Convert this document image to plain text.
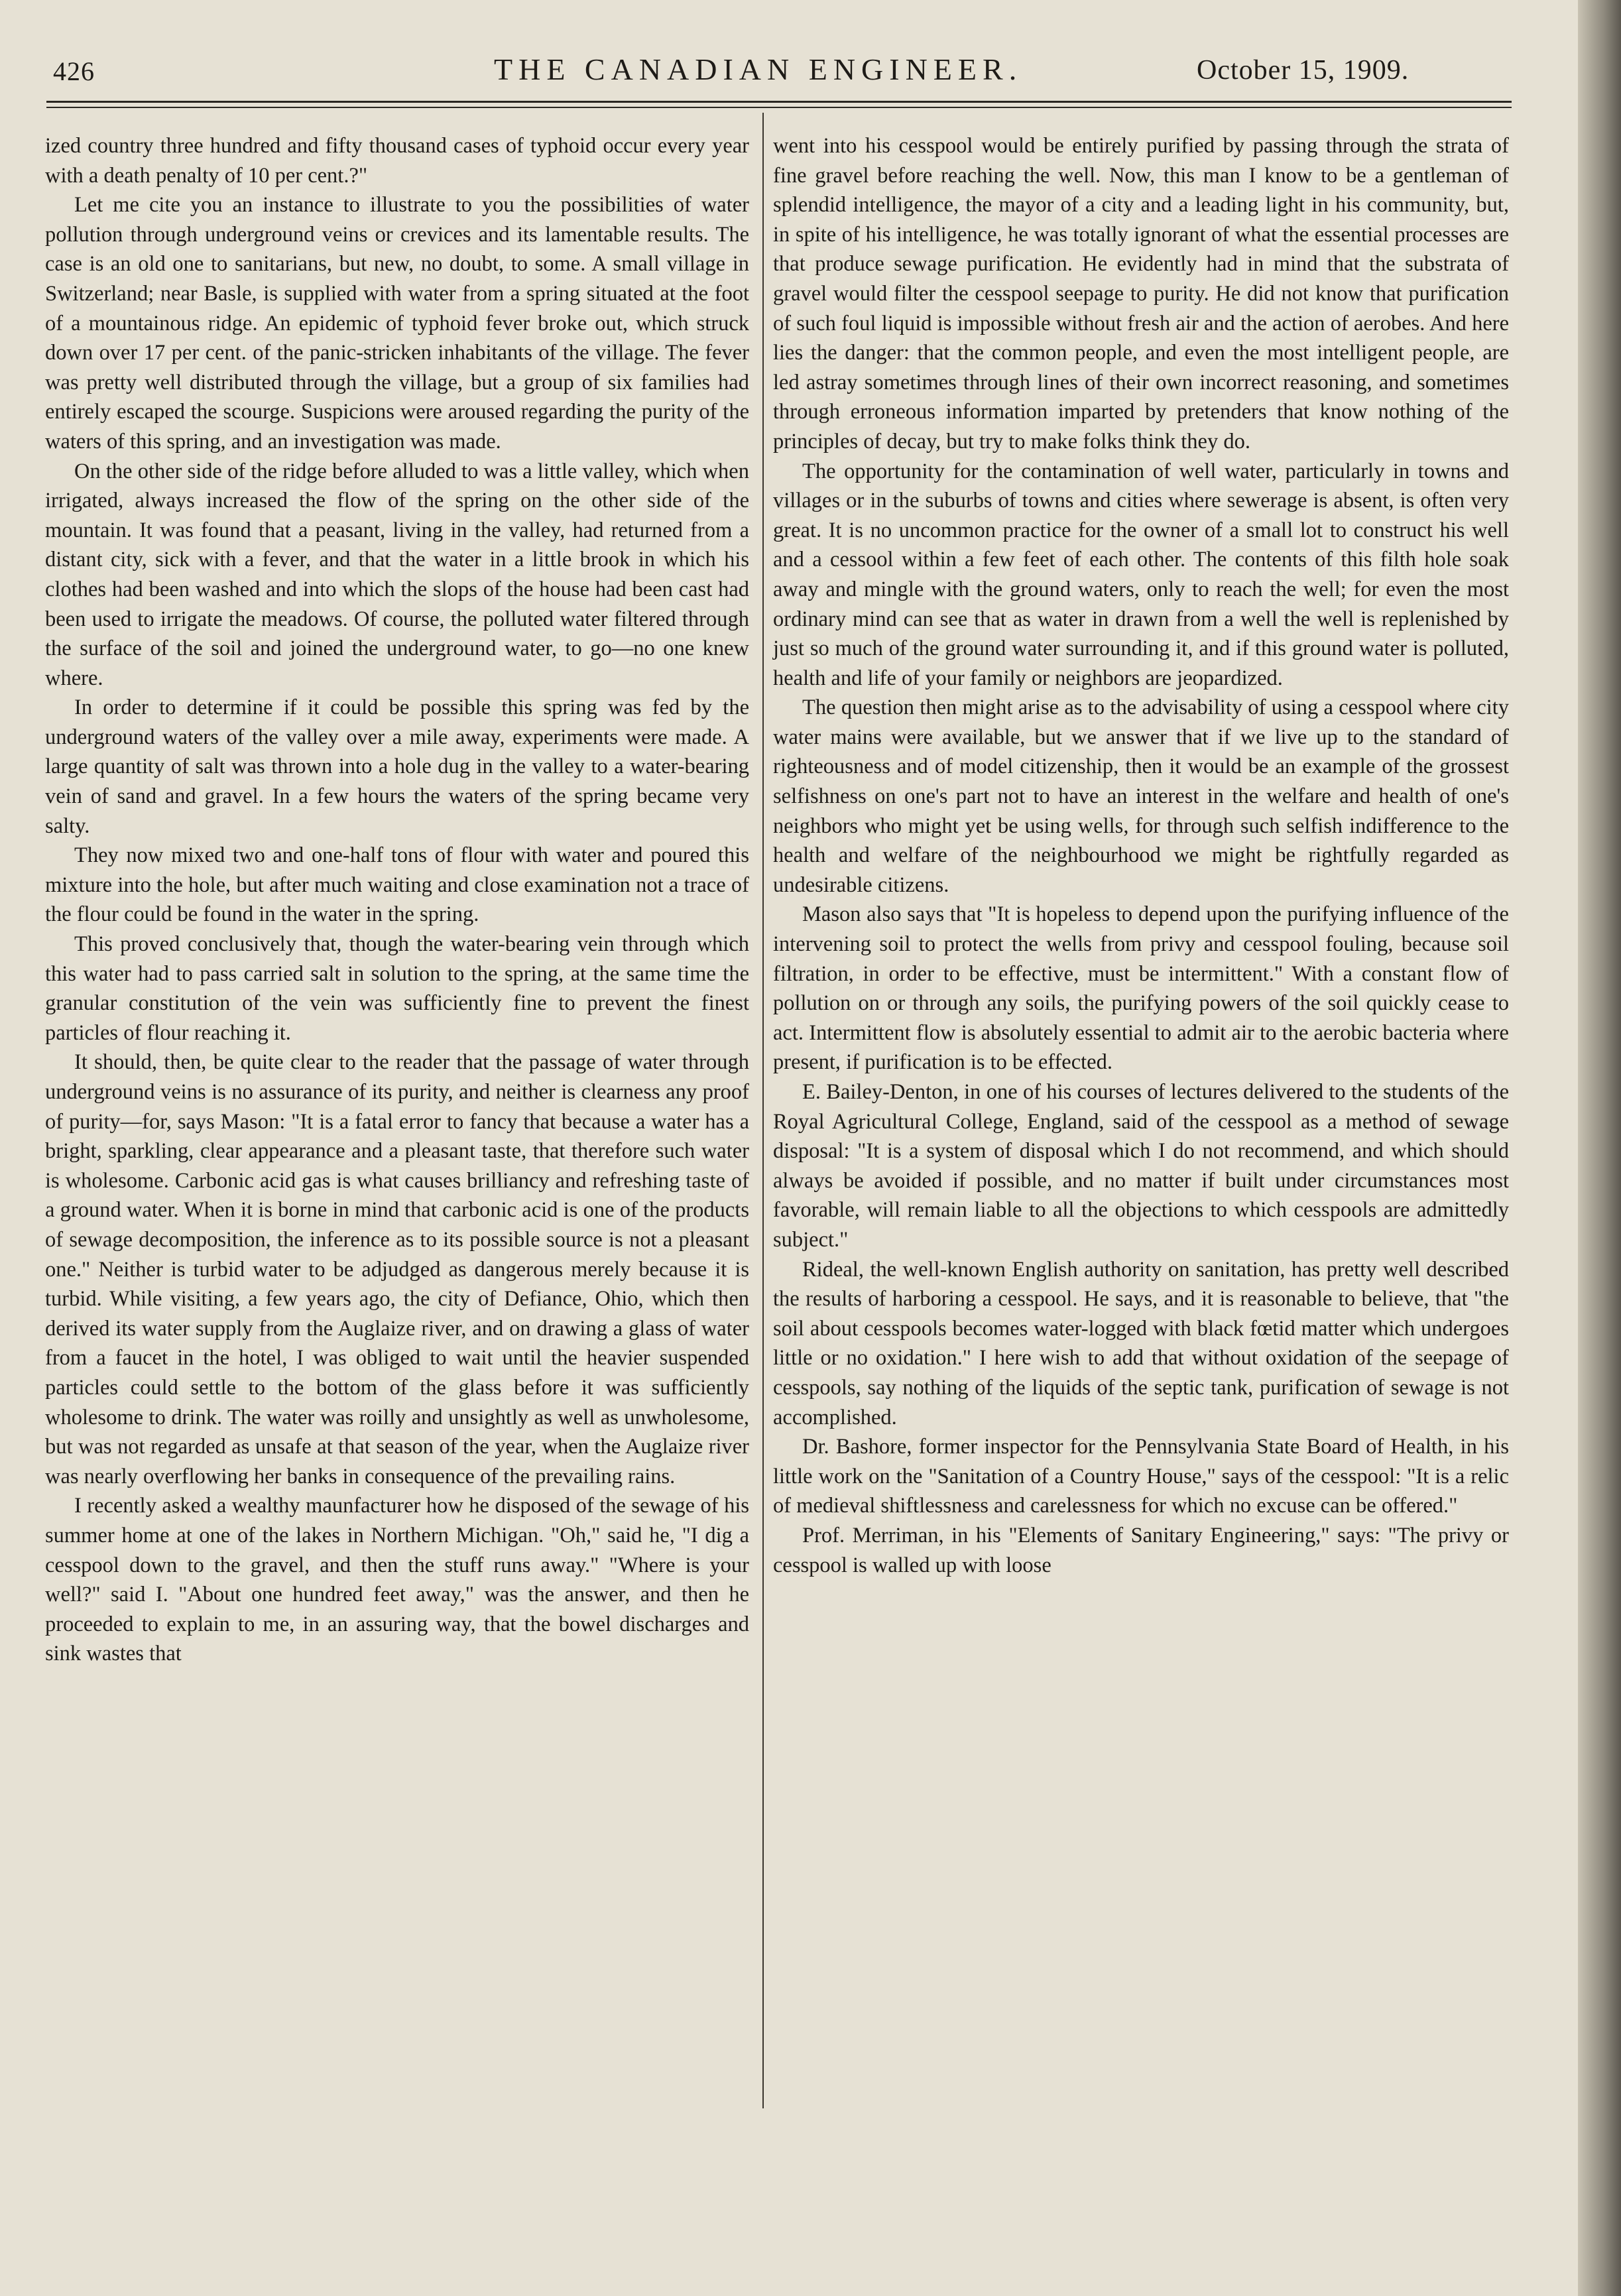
426	THE CANADIAN ENGINEER.	October 15, 1909.

ized country three hundred and fifty thousand cases of typhoid occur every year with a death penalty of 10 per cent.?"

Let me cite you an instance to illustrate to you the possibilities of water pollution through underground veins or crevices and its lamentable results. The case is an old one to sanitarians, but new, no doubt, to some. A small village in Switzerland; near Basle, is supplied with water from a spring situated at the foot of a mountainous ridge. An epidemic of typhoid fever broke out, which struck down over 17 per cent. of the panic-stricken inhabitants of the village. The fever was pretty well distributed through the village, but a group of six families had entirely escaped the scourge. Suspicions were aroused regarding the purity of the waters of this spring, and an investigation was made.

On the other side of the ridge before alluded to was a little valley, which when irrigated, always increased the flow of the spring on the other side of the mountain. It was found that a peasant, living in the valley, had returned from a distant city, sick with a fever, and that the water in a little brook in which his clothes had been washed and into which the slops of the house had been cast had been used to irrigate the meadows. Of course, the polluted water filtered through the surface of the soil and joined the underground water, to go—no one knew where.

In order to determine if it could be possible this spring was fed by the underground waters of the valley over a mile away, experiments were made. A large quantity of salt was thrown into a hole dug in the valley to a water-bearing vein of sand and gravel. In a few hours the waters of the spring became very salty.

They now mixed two and one-half tons of flour with water and poured this mixture into the hole, but after much waiting and close examination not a trace of the flour could be found in the water in the spring.

This proved conclusively that, though the water-bearing vein through which this water had to pass carried salt in solution to the spring, at the same time the granular constitution of the vein was sufficiently fine to prevent the finest particles of flour reaching it.

It should, then, be quite clear to the reader that the passage of water through underground veins is no assurance of its purity, and neither is clearness any proof of purity—for, says Mason: "It is a fatal error to fancy that because a water has a bright, sparkling, clear appearance and a pleasant taste, that therefore such water is wholesome. Carbonic acid gas is what causes brilliancy and refreshing taste of a ground water. When it is borne in mind that carbonic acid is one of the products of sewage decomposition, the inference as to its possible source is not a pleasant one." Neither is turbid water to be adjudged as dangerous merely because it is turbid. While visiting, a few years ago, the city of Defiance, Ohio, which then derived its water supply from the Auglaize river, and on drawing a glass of water from a faucet in the hotel, I was obliged to wait until the heavier suspended particles could settle to the bottom of the glass before it was sufficiently wholesome to drink. The water was roilly and unsightly as well as unwholesome, but was not regarded as unsafe at that season of the year, when the Auglaize river was nearly overflowing her banks in consequence of the prevailing rains.

I recently asked a wealthy maunfacturer how he disposed of the sewage of his summer home at one of the lakes in Northern Michigan. "Oh," said he, "I dig a cesspool down to the gravel, and then the stuff runs away." "Where is your well?" said I. "About one hundred feet away," was the answer, and then he proceeded to explain to me, in an assuring way, that the bowel discharges and sink wastes that

went into his cesspool would be entirely purified by passing through the strata of fine gravel before reaching the well. Now, this man I know to be a gentleman of splendid intelligence, the mayor of a city and a leading light in his community, but, in spite of his intelligence, he was totally ignorant of what the essential processes are that produce sewage purification. He evidently had in mind that the substrata of gravel would filter the cesspool seepage to purity. He did not know that purification of such foul liquid is impossible without fresh air and the action of aerobes. And here lies the danger: that the common people, and even the most intelligent people, are led astray sometimes through lines of their own incorrect reasoning, and sometimes through erroneous information imparted by pretenders that know nothing of the principles of decay, but try to make folks think they do.

The opportunity for the contamination of well water, particularly in towns and villages or in the suburbs of towns and cities where sewerage is absent, is often very great. It is no uncommon practice for the owner of a small lot to construct his well and a cessool within a few feet of each other. The contents of this filth hole soak away and mingle with the ground waters, only to reach the well; for even the most ordinary mind can see that as water in drawn from a well the well is replenished by just so much of the ground water surrounding it, and if this ground water is polluted, health and life of your family or neighbors are jeopardized.

The question then might arise as to the advisability of using a cesspool where city water mains were available, but we answer that if we live up to the standard of righteousness and of model citizenship, then it would be an example of the grossest selfishness on one's part not to have an interest in the welfare and health of one's neighbors who might yet be using wells, for through such selfish indifference to the health and welfare of the neighbourhood we might be rightfully regarded as undesirable citizens.

Mason also says that "It is hopeless to depend upon the purifying influence of the intervening soil to protect the wells from privy and cesspool fouling, because soil filtration, in order to be effective, must be intermittent." With a constant flow of pollution on or through any soils, the purifying powers of the soil quickly cease to act. Intermittent flow is absolutely essential to admit air to the aerobic bacteria where present, if purification is to be effected.

E. Bailey-Denton, in one of his courses of lectures delivered to the students of the Royal Agricultural College, England, said of the cesspool as a method of sewage disposal: "It is a system of disposal which I do not recommend, and which should always be avoided if possible, and no matter if built under circumstances most favorable, will remain liable to all the objections to which cesspools are admittedly subject."

Rideal, the well-known English authority on sanitation, has pretty well described the results of harboring a cesspool. He says, and it is reasonable to believe, that "the soil about cesspools becomes water-logged with black fœtid matter which undergoes little or no oxidation." I here wish to add that without oxidation of the seepage of cesspools, say nothing of the liquids of the septic tank, purification of sewage is not accomplished.

Dr. Bashore, former inspector for the Pennsylvania State Board of Health, in his little work on the "Sanitation of a Country House," says of the cesspool: "It is a relic of medieval shiftlessness and carelessness for which no excuse can be offered."

Prof. Merriman, in his "Elements of Sanitary Engineering," says: "The privy or cesspool is walled up with loose
